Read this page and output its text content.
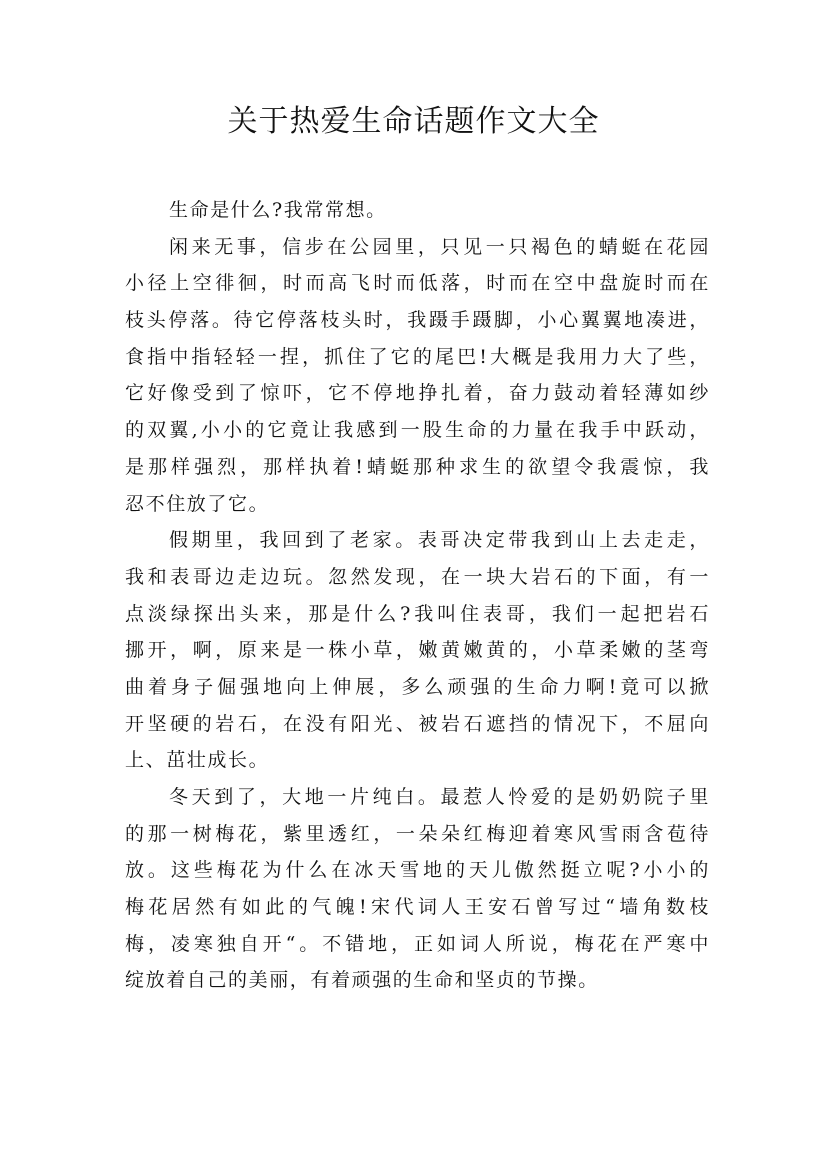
关于热爱生命话题作文大全
生命是什么?我常常想。
闲来无事，信步在公园里，只见一只褐色的蜻蜓在花园
小径上空徘徊，时而高飞时而低落，时而在空中盘旋时而在
枝头停落。待它停落枝头时，我蹑手蹑脚，小心翼翼地凑进，
食指中指轻轻一捏，抓住了它的尾巴!大概是我用力大了些，
它好像受到了惊吓，它不停地挣扎着，奋力鼓动着轻薄如纱
的双翼,小小的它竟让我感到一股生命的力量在我手中跃动，
是那样强烈，那样执着!蜻蜓那种求生的欲望令我震惊，我
忍不住放了它。
假期里，我回到了老家。表哥决定带我到山上去走走，
我和表哥边走边玩。忽然发现，在一块大岩石的下面，有一
点淡绿探出头来，那是什么?我叫住表哥，我们一起把岩石
挪开，啊，原来是一株小草，嫩黄嫩黄的，小草柔嫩的茎弯
曲着身子倔强地向上伸展，多么顽强的生命力啊!竟可以掀
开坚硬的岩石，在没有阳光、被岩石遮挡的情况下，不屈向
上、茁壮成长。
冬天到了，大地一片纯白。最惹人怜爱的是奶奶院子里
的那一树梅花，紫里透红，一朵朵红梅迎着寒风雪雨含苞待
放。这些梅花为什么在冰天雪地的天儿傲然挺立呢?小小的
梅花居然有如此的气魄!宋代词人王安石曾写过“墙角数枝
梅，凌寒独自开“。不错地，正如词人所说，梅花在严寒中
绽放着自己的美丽，有着顽强的生命和坚贞的节操。
